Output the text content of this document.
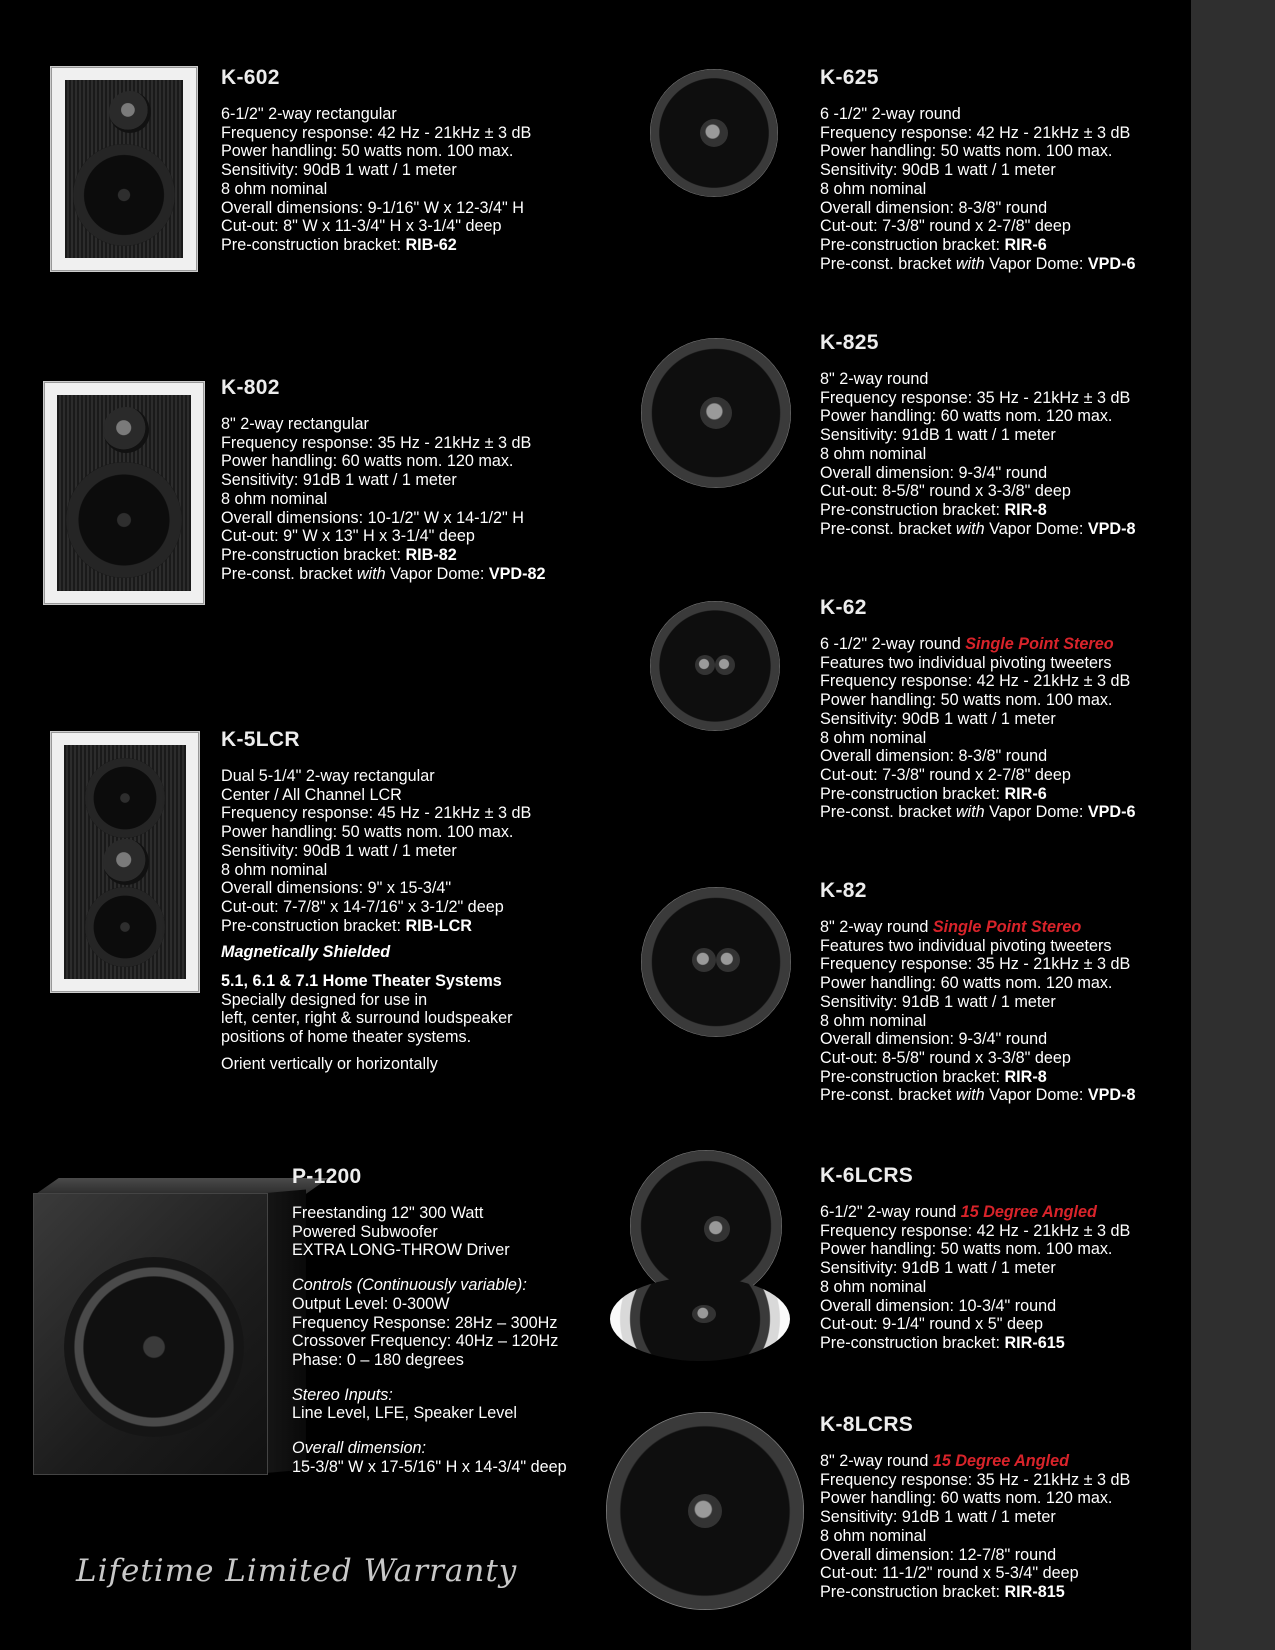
K-602
6-1/2" 2-way rectangular
Frequency response: 42 Hz - 21kHz ± 3 dB
Power handling: 50 watts nom. 100 max.
Sensitivity: 90dB 1 watt / 1 meter
8 ohm nominal
Overall dimensions: 9-1/16" W x 12-3/4" H
Cut-out: 8" W x 11-3/4" H x 3-1/4" deep
Pre-construction bracket: RIB-62
K-802
8" 2-way rectangular
Frequency response: 35 Hz - 21kHz ± 3 dB
Power handling: 60 watts nom. 120 max.
Sensitivity: 91dB 1 watt / 1 meter
8 ohm nominal
Overall dimensions: 10-1/2" W x 14-1/2" H
Cut-out: 9" W x 13" H x 3-1/4" deep
Pre-construction bracket: RIB-82
Pre-const. bracket with Vapor Dome: VPD-82
K-5LCR
Dual 5-1/4" 2-way rectangular
Center / All Channel LCR
Frequency response: 45 Hz - 21kHz ± 3 dB
Power handling: 50 watts nom. 100 max.
Sensitivity: 90dB 1 watt / 1 meter
8 ohm nominal
Overall dimensions: 9" x 15-3/4"
Cut-out: 7-7/8" x 14-7/16" x 3-1/2" deep
Pre-construction bracket: RIB-LCR
Magnetically Shielded
5.1, 6.1 & 7.1 Home Theater Systems
Specially designed for use in
left, center, right & surround loudspeaker
positions of home theater systems.
Orient vertically or horizontally
P-1200
Freestanding 12" 300 Watt
Powered Subwoofer
EXTRA LONG-THROW Driver
Controls (Continuously variable):
Output Level: 0-300W
Frequency Response: 28Hz – 300Hz
Crossover Frequency: 40Hz – 120Hz
Phase: 0 – 180 degrees
Stereo Inputs:
Line Level, LFE, Speaker Level
Overall dimension:
15-3/8" W x 17-5/16" H x 14-3/4" deep
Lifetime Limited Warranty
K-625
6 -1/2" 2-way round
Frequency response: 42 Hz - 21kHz ± 3 dB
Power handling: 50 watts nom. 100 max.
Sensitivity: 90dB 1 watt / 1 meter
8 ohm nominal
Overall dimension: 8-3/8" round
Cut-out: 7-3/8" round x 2-7/8" deep
Pre-construction bracket: RIR-6
Pre-const. bracket with Vapor Dome: VPD-6
K-825
8" 2-way round
Frequency response: 35 Hz - 21kHz ± 3 dB
Power handling: 60 watts nom. 120 max.
Sensitivity: 91dB 1 watt / 1 meter
8 ohm nominal
Overall dimension: 9-3/4" round
Cut-out: 8-5/8" round x 3-3/8" deep
Pre-construction bracket: RIR-8
Pre-const. bracket with Vapor Dome: VPD-8
K-62
6 -1/2" 2-way round Single Point Stereo
Features two individual pivoting tweeters
Frequency response: 42 Hz - 21kHz ± 3 dB
Power handling: 50 watts nom. 100 max.
Sensitivity: 90dB 1 watt / 1 meter
8 ohm nominal
Overall dimension: 8-3/8" round
Cut-out: 7-3/8" round x 2-7/8" deep
Pre-construction bracket: RIR-6
Pre-const. bracket with Vapor Dome: VPD-6
K-82
8" 2-way round Single Point Stereo
Features two individual pivoting tweeters
Frequency response: 35 Hz - 21kHz ± 3 dB
Power handling: 60 watts nom. 120 max.
Sensitivity: 91dB 1 watt / 1 meter
8 ohm nominal
Overall dimension: 9-3/4" round
Cut-out: 8-5/8" round x 3-3/8" deep
Pre-construction bracket: RIR-8
Pre-const. bracket with Vapor Dome: VPD-8
K-6LCRS
6-1/2" 2-way round 15 Degree Angled
Frequency response: 42 Hz - 21kHz ± 3 dB
Power handling: 50 watts nom. 100 max.
Sensitivity: 91dB 1 watt / 1 meter
8 ohm nominal
Overall dimension: 10-3/4" round
Cut-out: 9-1/4" round x 5" deep
Pre-construction bracket: RIR-615
K-8LCRS
8" 2-way round 15 Degree Angled
Frequency response: 35 Hz - 21kHz ± 3 dB
Power handling: 60 watts nom. 120 max.
Sensitivity: 91dB 1 watt / 1 meter
8 ohm nominal
Overall dimension: 12-7/8" round
Cut-out: 11-1/2" round x 5-3/4" deep
Pre-construction bracket: RIR-815
